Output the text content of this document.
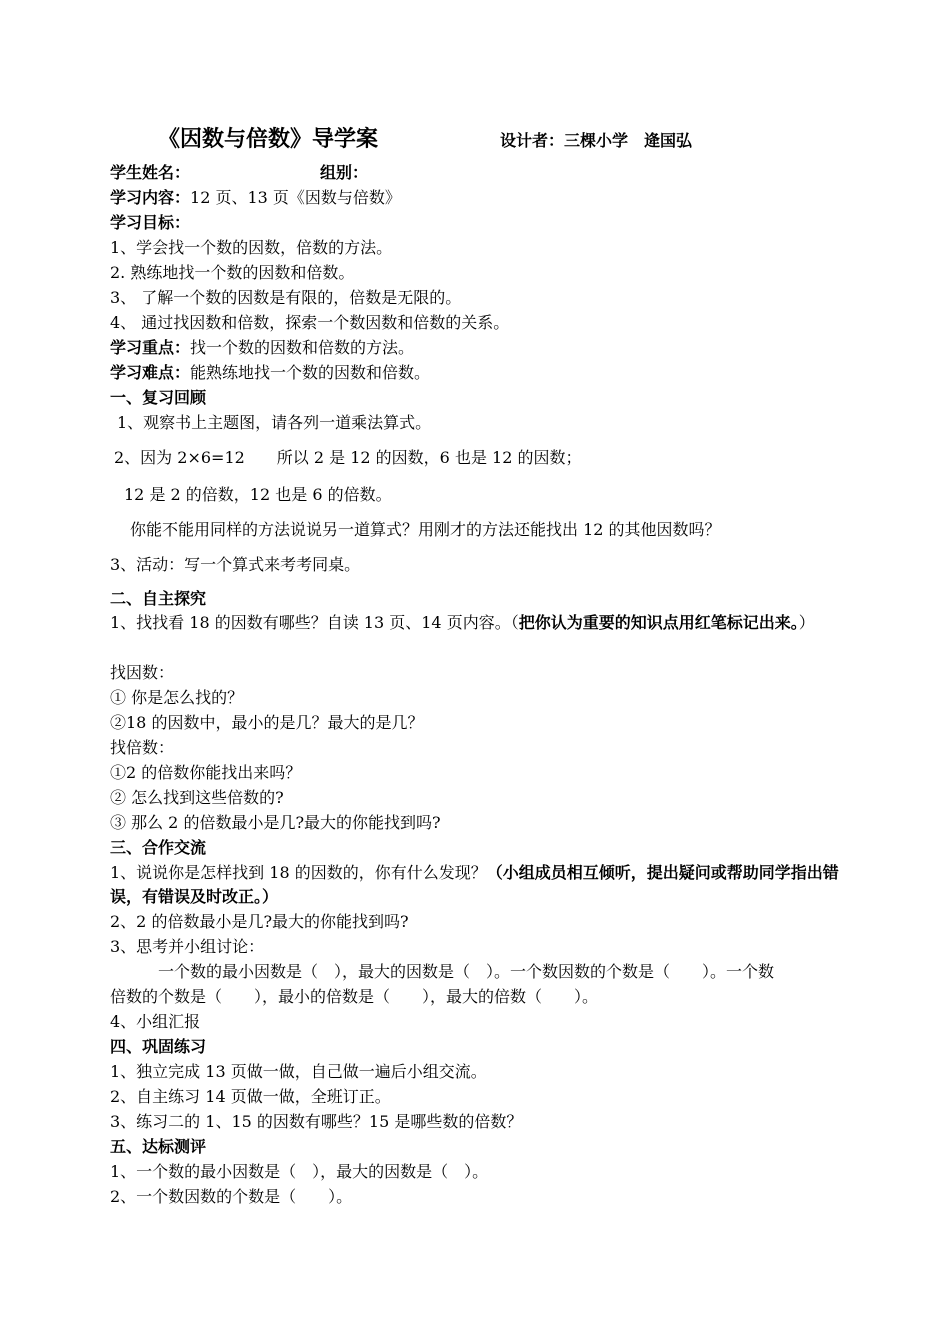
《因数与倍数》导学案	设计者：三棵小学　逄国弘
学生姓名：	组别：
学习内容：12 页、13 页《因数与倍数》
学习目标：
1、学会找一个数的因数，倍数的方法。
2. 熟练地找一个数的因数和倍数。
3、 了解一个数的因数是有限的，倍数是无限的。
4、 通过找因数和倍数，探索一个数因数和倍数的关系。
学习重点：找一个数的因数和倍数的方法。
学习难点：能熟练地找一个数的因数和倍数。
一、复习回顾
1、观察书上主题图，请各列一道乘法算式。
2、因为 2×6=12　　所以 2 是 12 的因数，6 也是 12 的因数；
12 是 2 的倍数，12 也是 6 的倍数。
你能不能用同样的方法说说另一道算式？用刚才的方法还能找出 12 的其他因数吗？
3、活动：写一个算式来考考同桌。
二、自主探究
1、找找看 18 的因数有哪些？自读 13 页、14 页内容。（把你认为重要的知识点用红笔标记出来。）
找因数：
① 你是怎么找的？
②18 的因数中，最小的是几？最大的是几？
找倍数：
①2 的倍数你能找出来吗？
② 怎么找到这些倍数的?
③ 那么 2 的倍数最小是几?最大的你能找到吗?
三、合作交流
1、说说你是怎样找到 18 的因数的，你有什么发现？（小组成员相互倾听，提出疑问或帮助同学指出错误，有错误及时改正。）
2、2 的倍数最小是几?最大的你能找到吗?
3、思考并小组讨论：
一个数的最小因数是（　），最大的因数是（　）。一个数因数的个数是（　　）。一个数
倍数的个数是（　　），最小的倍数是（　　），最大的倍数（　　）。
4、小组汇报
四、巩固练习
1、独立完成 13 页做一做，自己做一遍后小组交流。
2、自主练习 14 页做一做，全班订正。
3、练习二的 1、15 的因数有哪些？15 是哪些数的倍数？
五、达标测评
1、一个数的最小因数是（　），最大的因数是（　）。
2、一个数因数的个数是（　　）。
